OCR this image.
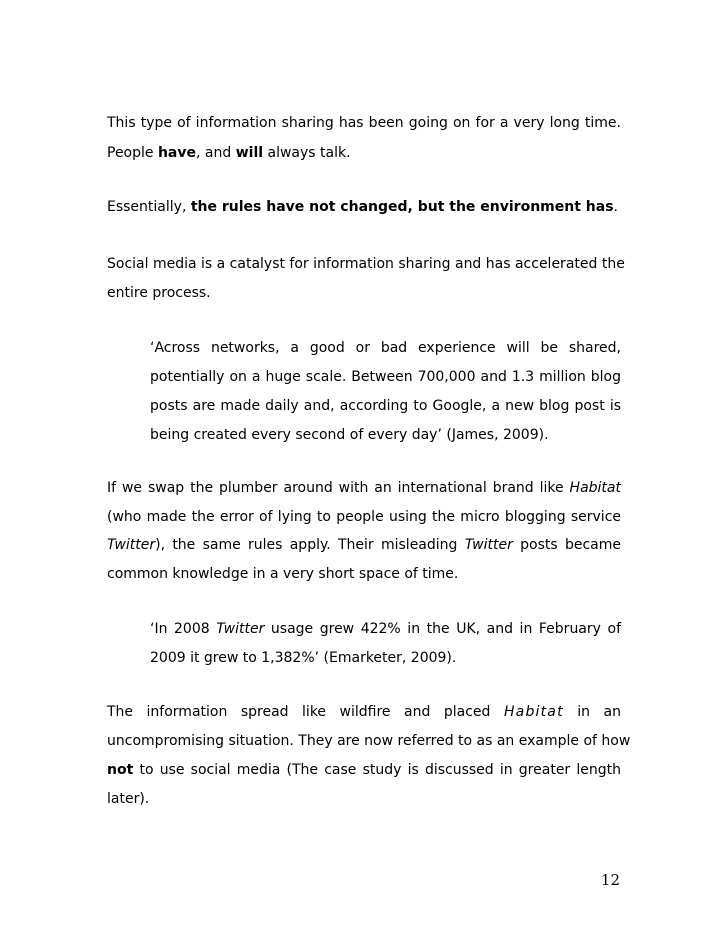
This type of information sharing has been going on for a very long time.
People have, and will always talk.
Essentially, the rules have not changed, but the environment has.
Social media is a catalyst for information sharing and has accelerated the
entire process.
‘Across networks, a good or bad experience will be shared,
potentially on a huge scale. Between 700,000 and 1.3 million blog
posts are made daily and, according to Google, a new blog post is
being created every second of every day’ (James, 2009).
If we swap the plumber around with an international brand like Habitat
(who made the error of lying to people using the micro blogging service
Twitter), the same rules apply. Their misleading Twitter posts became
common knowledge in a very short space of time.
‘In 2008 Twitter usage grew 422% in the UK, and in February of
2009 it grew to 1,382%’ (Emarketer, 2009).
The information spread like wildfire and placed Habitat in an
uncompromising situation. They are now referred to as an example of how
not to use social media (The case study is discussed in greater length
later).
12
